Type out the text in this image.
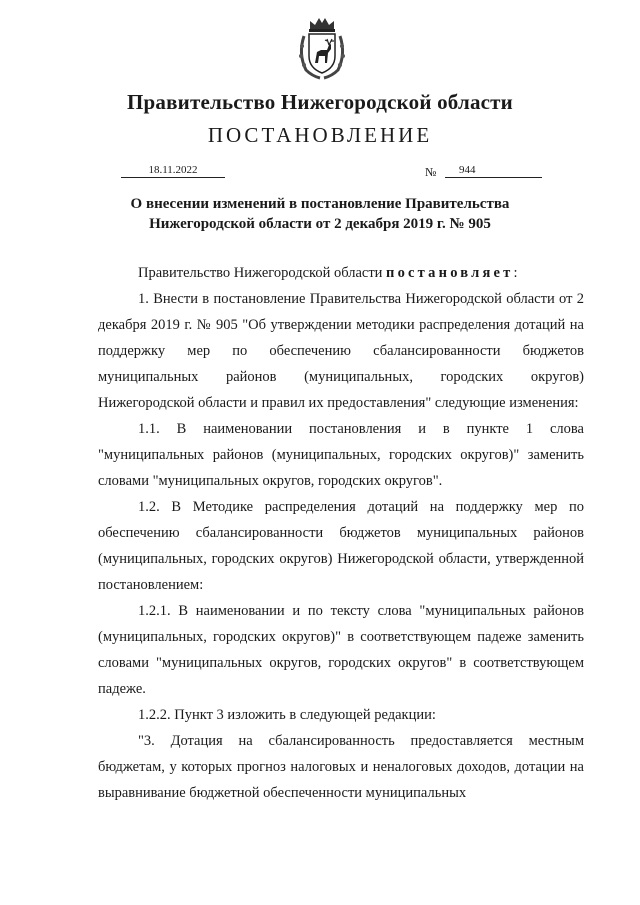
Правительство Нижегородской области
ПОСТАНОВЛЕНИЕ
18.11.2022	№	944
О внесении изменений в постановление Правительства
Нижегородской области от 2 декабря 2019 г. № 905

Правительство Нижегородской области постановляет:

1. Внести в постановление Правительства Нижегородской области от 2 декабря 2019 г. № 905 "Об утверждении методики распределения дотаций на поддержку мер по обеспечению сбалансированности бюджетов муниципальных районов (муниципальных, городских округов) Нижегородской области и правил их предоставления" следующие изменения:

1.1. В наименовании постановления и в пункте 1 слова "муниципальных районов (муниципальных, городских округов)" заменить словами "муниципальных округов, городских округов".

1.2. В Методике распределения дотаций на поддержку мер по обеспечению сбалансированности бюджетов муниципальных районов (муниципальных, городских округов) Нижегородской области, утвержденной постановлением:

1.2.1. В наименовании и по тексту слова "муниципальных районов (муниципальных, городских округов)" в соответствующем падеже заменить словами "муниципальных округов, городских округов" в соответствующем падеже.

1.2.2. Пункт 3 изложить в следующей редакции:

"3. Дотация на сбалансированность предоставляется местным бюджетам, у которых прогноз налоговых и неналоговых доходов, дотации на выравнивание бюджетной обеспеченности муниципальных
